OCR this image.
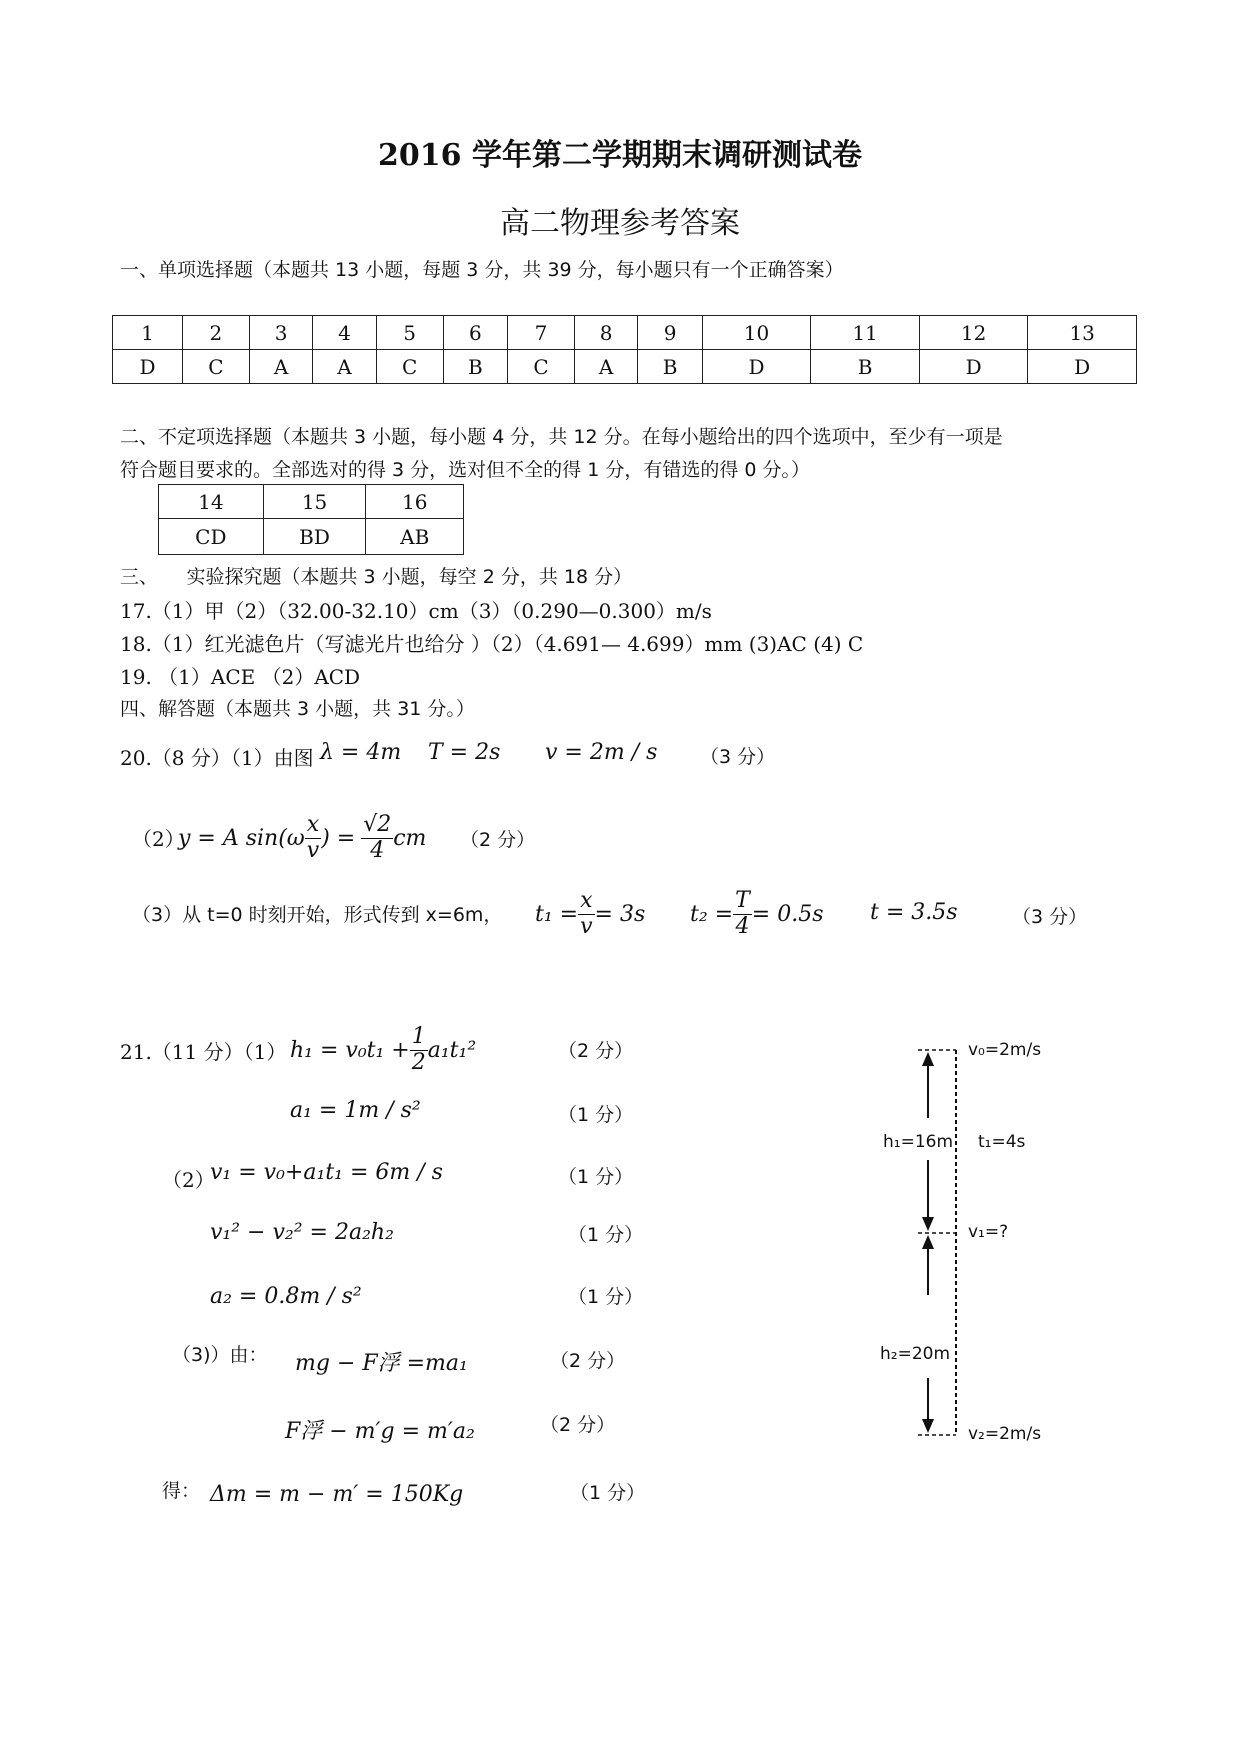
2016 学年第二学期期末调研测试卷
高二物理参考答案
一、单项选择题（本题共 13 小题，每题 3 分，共 39 分，每小题只有一个正确答案）
1	2	3	4	5	6	7	8	9	10	11	12	13
D	C	A	A	C	B	C	A	B	D	B	D	D
二、不定项选择题（本题共 3 小题，每小题 4 分，共 12 分。在每小题给出的四个选项中，至少有一项是
符合题目要求的。全部选对的得 3 分，选对但不全的得 1 分，有错选的得 0 分。）
14	15	16
CD	BD	AB
三、　　实验探究题（本题共 3 小题，每空 2 分，共 18 分）
17.（1）甲（2）（32.00-32.10）cm（3）（0.290—0.300）m/s
18.（1）红光滤色片（写滤光片也给分 ）（2）（4.691— 4.699）mm (3)AC (4) C
19. （1）ACE （2）ACD
四、解答题（本题共 3 小题，共 31 分。）
20.（8 分）（1）由图 λ = 4m T = 2s v = 2m / s （3 分）
（2）
y = A $\sin(\omega \frac{x}{v}$ ) = $\frac{√2}{4}$ cm （2 分）
（3）从 t=0 时刻开始，形式传到 x=6m， $t_1 = \frac{x}{v} = 3s$ $t_2 = \frac{T}{4} = 0.5s$ t = 3.5s	（3 分）
21.（11 分）（1） $h_1 = v_0t_1 + \frac{1}{2} a_1t_1^2$	（2 分）
a₁ = 1m / s²	（1 分）
（2）
v₁ = v₀+a₁t₁ = 6m / s	（1 分）
v₁² − v₂² = 2a₂h₂	（1 分）
a₂ = 0.8m / s²	（1 分）
（3)）由： mg − F浮 =ma₁	（2 分）
F浮 − m′g = m′a₂	（2 分）
得： Δm = m − m′ = 150Kg	（1 分）
v₀=2m/s
h₁=16m t₁=4s
v₁=?
h₂=20m
v₂=2m/s
